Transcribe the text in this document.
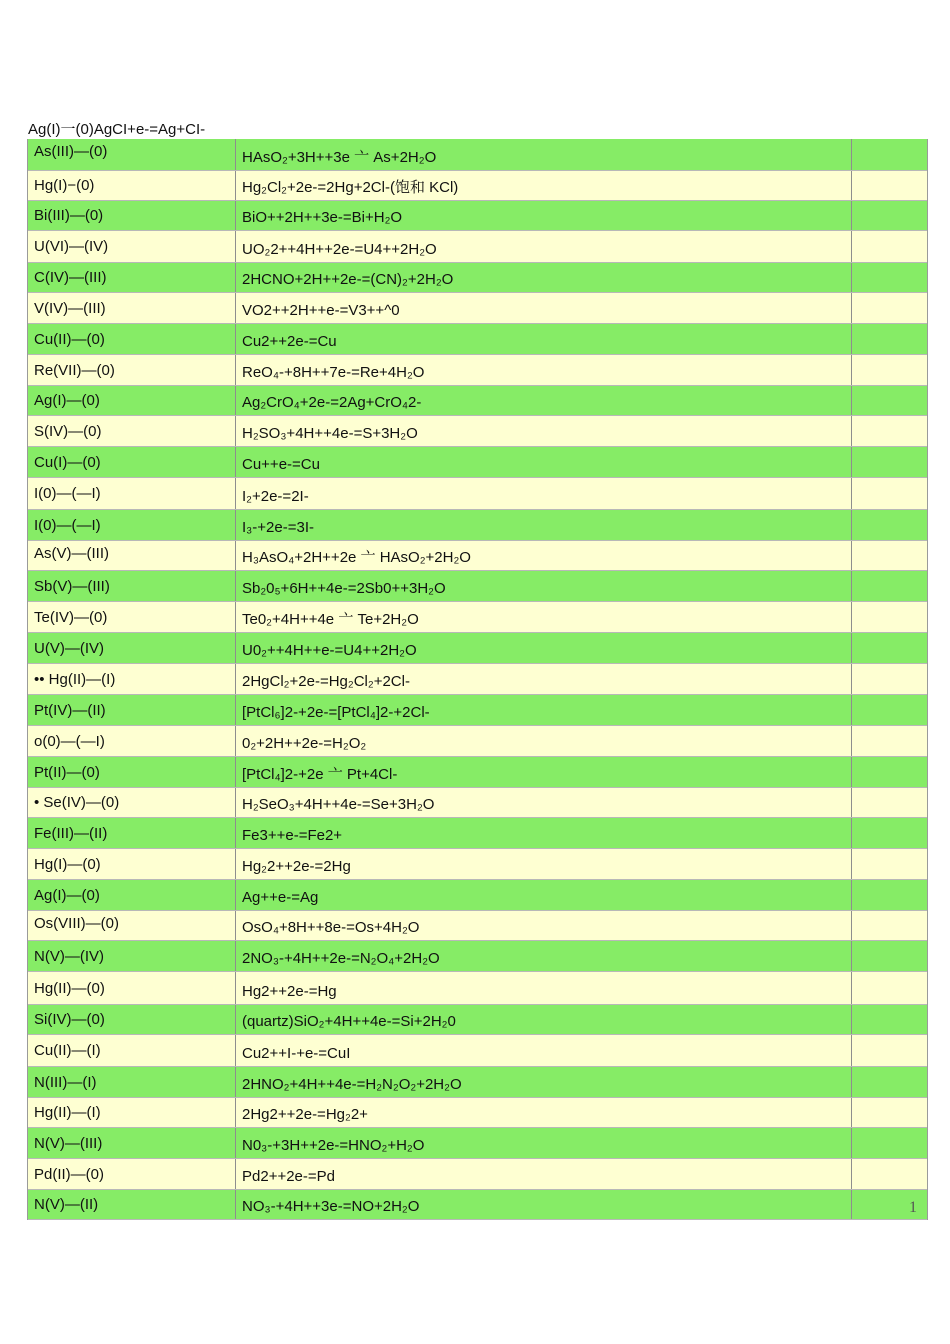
Ag(I)一(0)AgCI+e-=Ag+CI-
As(III)—(0)	HAsO₂+3H++3e 亠 As+2H₂O
Hg(I)−(0)	Hg₂Cl₂+2e-=2Hg+2Cl-(饱和 KCl)
Bi(III)—(0)	BiO++2H++3e-=Bi+H₂O
U(VI)—(IV)	UO₂2++4H++2e-=U4++2H₂O
C(IV)—(III)	2HCNO+2H++2e-=(CN)₂+2H₂O
V(IV)—(III)	VO2++2H++e-=V3++^0
Cu(II)—(0)	Cu2++2e-=Cu
Re(VII)—(0)	ReO₄-+8H++7e-=Re+4H₂O
Ag(I)—(0)	Ag₂CrO₄+2e-=2Ag+CrO₄2-
S(IV)—(0)	H₂SO₃+4H++4e-=S+3H₂O
Cu(I)—(0)	Cu++e-=Cu
I(0)—(—I)	I₂+2e-=2I-
I(0)—(—I)	I₃-+2e-=3I-
As(V)—(III)	H₃AsO₄+2H++2e 亠 HAsO₂+2H₂O
Sb(V)—(III)	Sb₂0₅+6H++4e-=2Sb0++3H₂O
Te(IV)—(0)	Te0₂+4H++4e 亠 Te+2H₂O
U(V)—(IV)	U0₂++4H++e-=U4++2H₂O
•• Hg(II)—(I)	2HgCl₂+2e-=Hg₂Cl₂+2Cl-
Pt(IV)—(II)	[PtCl₆]2-+2e-=[PtCl₄]2-+2Cl-
o(0)—(—I)	0₂+2H++2e-=H₂O₂
Pt(II)—(0)	[PtCl₄]2-+2e 亠 Pt+4Cl-
• Se(IV)—(0)	H₂SeO₃+4H++4e-=Se+3H₂O
Fe(III)—(II)	Fe3++e-=Fe2+
Hg(I)—(0)	Hg₂2++2e-=2Hg
Ag(I)—(0)	Ag++e-=Ag
Os(VIII)—(0)	OsO₄+8H++8e-=Os+4H₂O
N(V)—(IV)	2NO₃-+4H++2e-=N₂O₄+2H₂O
Hg(II)—(0)	Hg2++2e-=Hg
Si(IV)—(0)	(quartz)SiO₂+4H++4e-=Si+2H₂0
Cu(II)—(I)	Cu2++I-+e-=CuI
N(III)—(I)	2HNO₂+4H++4e-=H₂N₂O₂+2H₂O
Hg(II)—(I)	2Hg2++2e-=Hg₂2+
N(V)—(III)	N0₃-+3H++2e-=HNO₂+H₂O
Pd(II)—(0)	Pd2++2e-=Pd
N(V)—(II)	NO₃-+4H++3e-=NO+2H₂O	1
